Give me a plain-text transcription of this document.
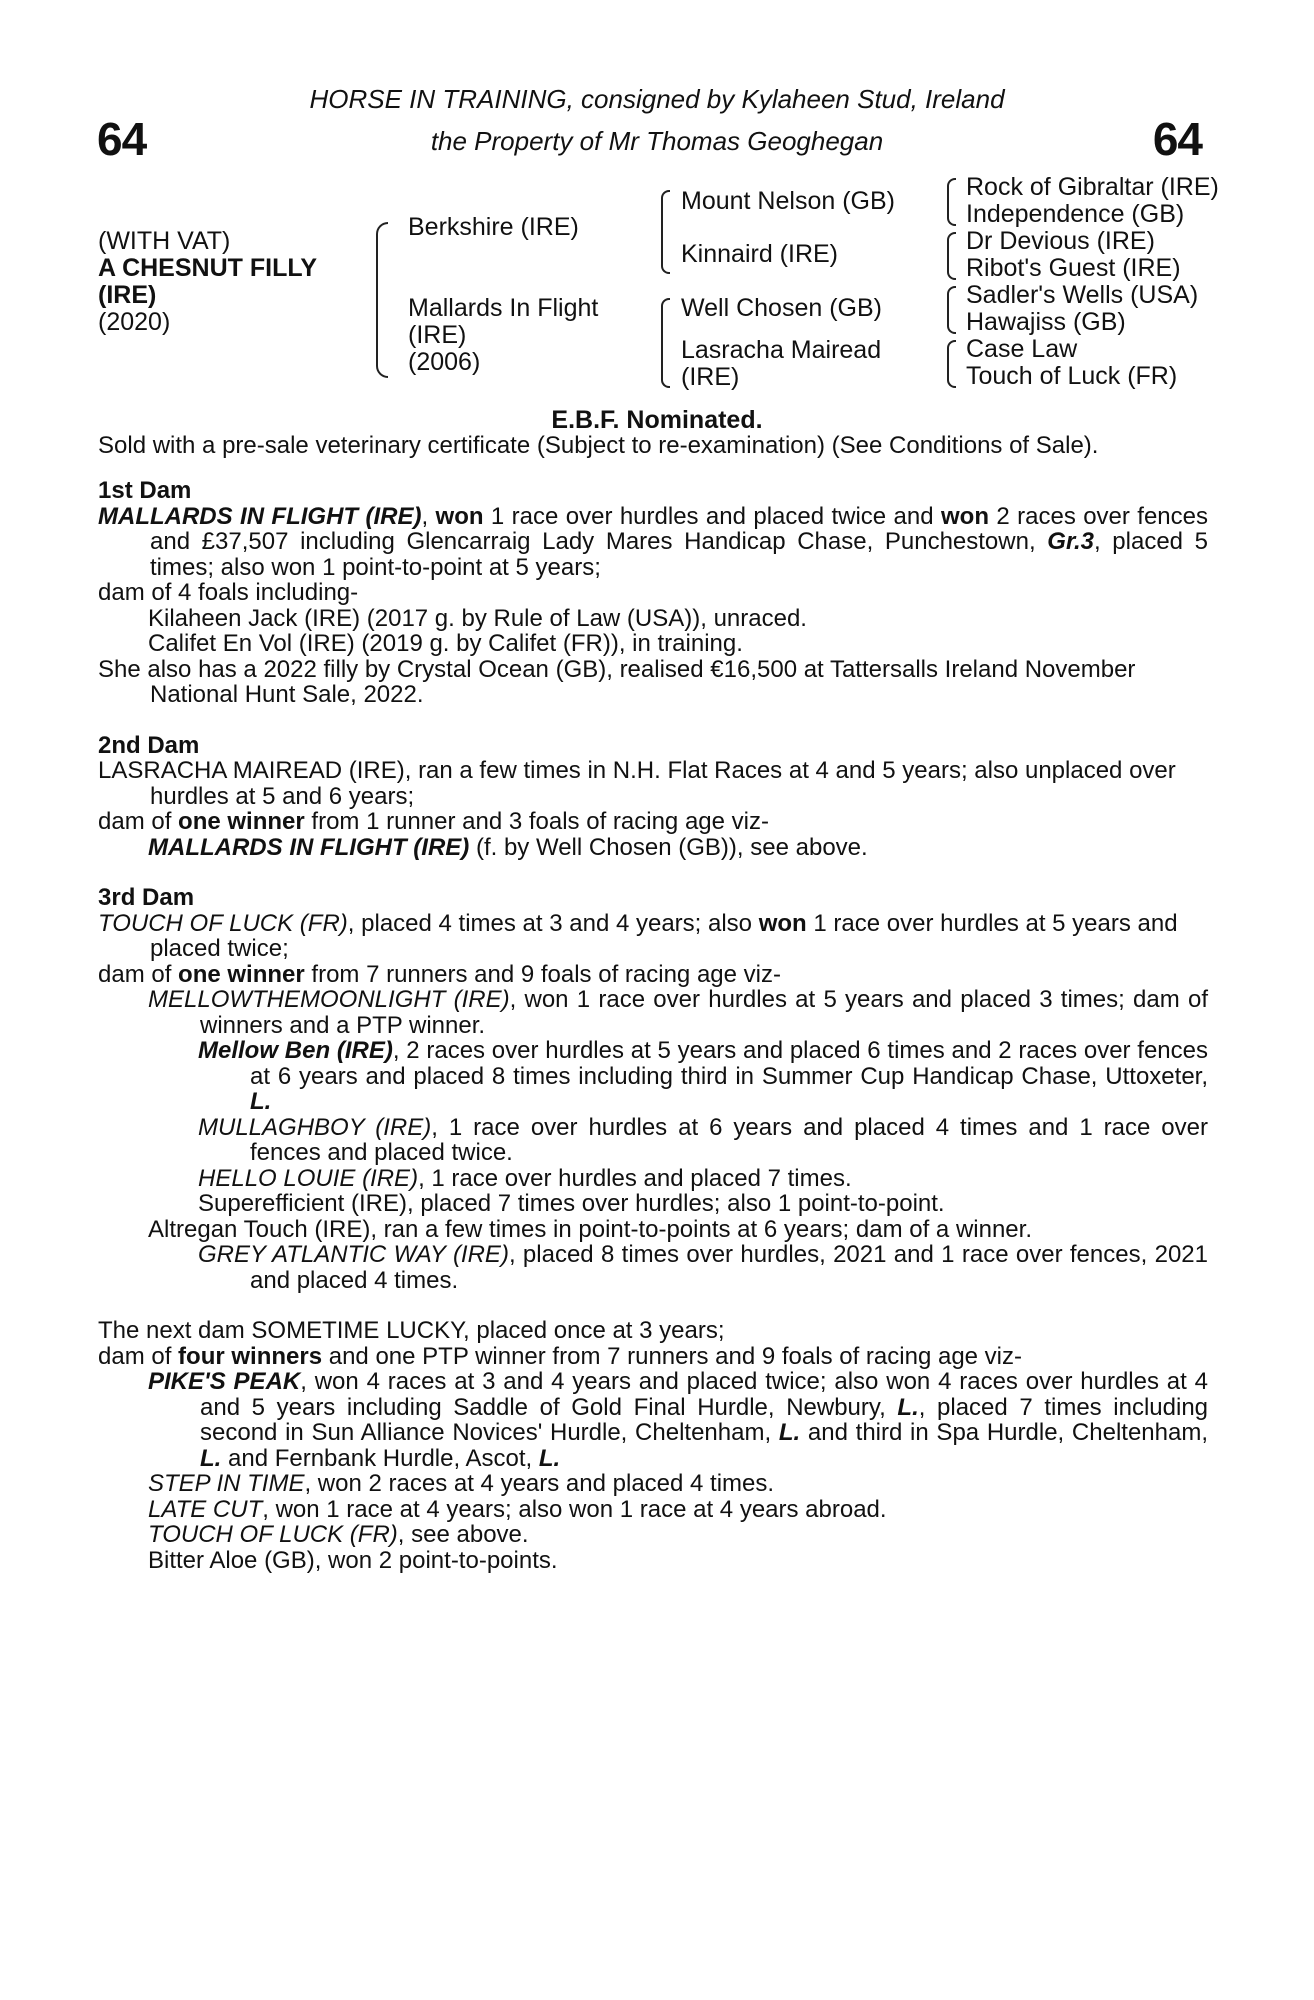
64	64
HORSE IN TRAINING, consigned by Kylaheen Stud, Ireland
the Property of Mr Thomas Geoghegan
(WITH VAT)
A CHESNUT FILLY
(IRE)
(2020)
Berkshire (IRE)
Mallards In Flight
(IRE)
(2006)
Mount Nelson (GB)
Kinnaird (IRE)
Well Chosen (GB)
Lasracha Mairead
(IRE)
Rock of Gibraltar (IRE)
Independence (GB)
Dr Devious (IRE)
Ribot's Guest (IRE)
Sadler's Wells (USA)
Hawajiss (GB)
Case Law
Touch of Luck (FR)
E.B.F. Nominated.
Sold with a pre-sale veterinary certificate (Subject to re-examination) (See Conditions of Sale).

1st Dam

MALLARDS IN FLIGHT (IRE), won 1 race over hurdles and placed twice and won 2 races over fences and £37,507 including Glencarraig Lady Mares Handicap Chase, Punchestown, Gr.3, placed 5 times; also won 1 point-to-point at 5 years;

dam of 4 foals including-

Kilaheen Jack (IRE) (2017 g. by Rule of Law (USA)), unraced.

Califet En Vol (IRE) (2019 g. by Califet (FR)), in training.

She also has a 2022 filly by Crystal Ocean (GB), realised €16,500 at Tattersalls Ireland November National Hunt Sale, 2022.

2nd Dam

LASRACHA MAIREAD (IRE), ran a few times in N.H. Flat Races at 4 and 5 years; also unplaced over hurdles at 5 and 6 years;

dam of one winner from 1 runner and 3 foals of racing age viz-

MALLARDS IN FLIGHT (IRE) (f. by Well Chosen (GB)), see above.

3rd Dam

TOUCH OF LUCK (FR), placed 4 times at 3 and 4 years; also won 1 race over hurdles at 5 years and placed twice;

dam of one winner from 7 runners and 9 foals of racing age viz-

MELLOWTHEMOONLIGHT (IRE), won 1 race over hurdles at 5 years and placed 3 times; dam of winners and a PTP winner.

Mellow Ben (IRE), 2 races over hurdles at 5 years and placed 6 times and 2 races over fences at 6 years and placed 8 times including third in Summer Cup Handicap Chase, Uttoxeter, L.

MULLAGHBOY (IRE), 1 race over hurdles at 6 years and placed 4 times and 1 race over fences and placed twice.

HELLO LOUIE (IRE), 1 race over hurdles and placed 7 times.

Superefficient (IRE), placed 7 times over hurdles; also 1 point-to-point.

Altregan Touch (IRE), ran a few times in point-to-points at 6 years; dam of a winner.

GREY ATLANTIC WAY (IRE), placed 8 times over hurdles, 2021 and 1 race over fences, 2021 and placed 4 times.

The next dam SOMETIME LUCKY, placed once at 3 years;

dam of four winners and one PTP winner from 7 runners and 9 foals of racing age viz-

PIKE'S PEAK, won 4 races at 3 and 4 years and placed twice; also won 4 races over hurdles at 4 and 5 years including Saddle of Gold Final Hurdle, Newbury, L., placed 7 times including second in Sun Alliance Novices' Hurdle, Cheltenham, L. and third in Spa Hurdle, Cheltenham, L. and Fernbank Hurdle, Ascot, L.

STEP IN TIME, won 2 races at 4 years and placed 4 times.

LATE CUT, won 1 race at 4 years; also won 1 race at 4 years abroad.

TOUCH OF LUCK (FR), see above.

Bitter Aloe (GB), won 2 point-to-points.
